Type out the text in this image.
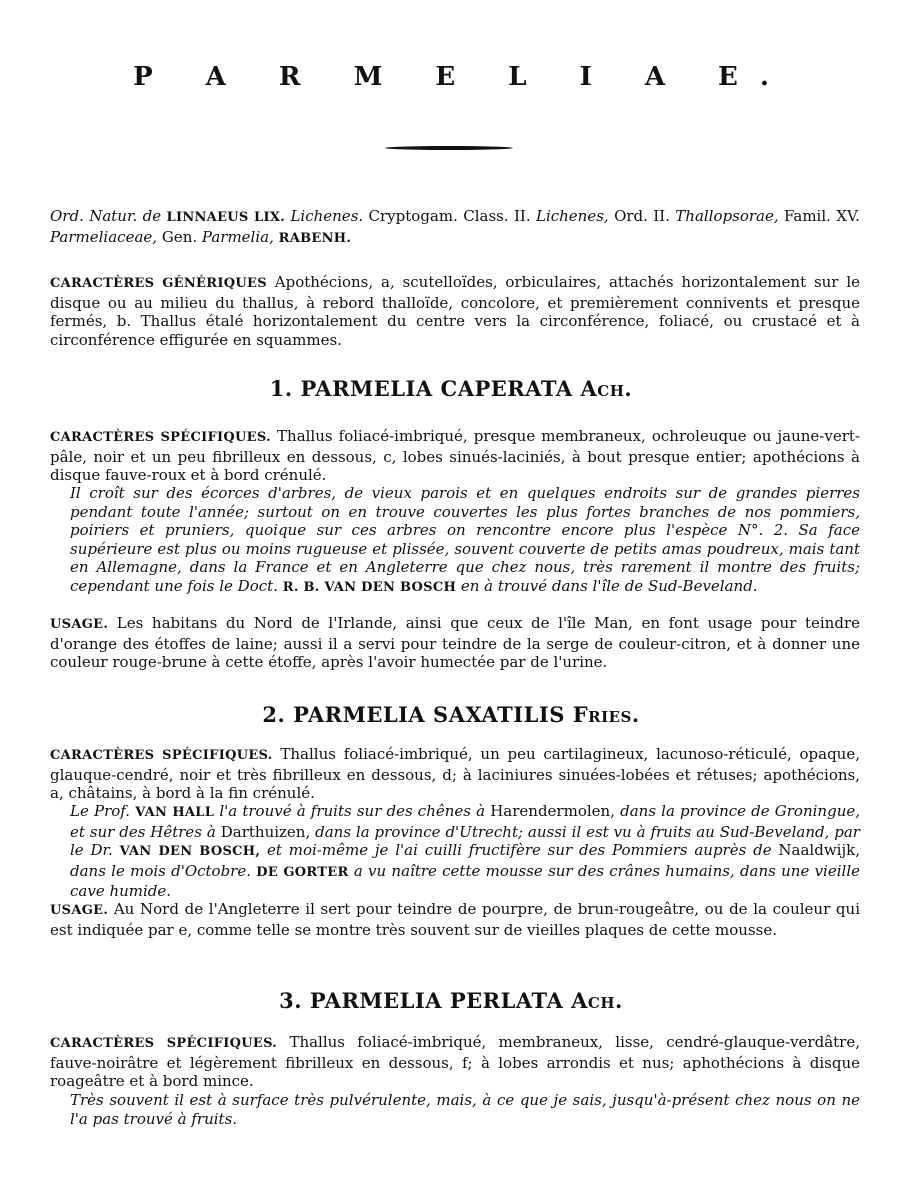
P A R M E L I A E.
Ord. Natur. de LINNAEUS LIX. Lichenes. Cryptogam. Class. II. Lichenes, Ord. II. Thallopsorae, Famil. XV. Parmeliaceae, Gen. Parmelia, RABENH.
CARACTÈRES GÉNÉRIQUES Apothécions, a, scutelloïdes, orbiculaires, attachés horizontalement sur le disque ou au milieu du thallus, à rebord thalloïde, concolore, et premièrement connivents et presque fermés, b. Thallus étalé horizontalement du centre vers la circonférence, foliacé, ou crustacé et à circonférence effigurée en squammes.
1. PARMELIA CAPERATA Ach.
CARACTÈRES SPÉCIFIQUES. Thallus foliacé-imbriqué, presque membraneux, ochroleuque ou jaune-vert-pâle, noir et un peu fibrilleux en dessous, c, lobes sinués-laciniés, à bout presque entier; apothécions à disque fauve-roux et à bord crénulé.
Il croît sur des écorces d'arbres, de vieux parois et en quelques endroits sur de grandes pierres pendant toute l'année; surtout on en trouve couvertes les plus fortes branches de nos pommiers, poiriers et pruniers, quoique sur ces arbres on rencontre encore plus l'espèce N°. 2. Sa face supérieure est plus ou moins rugueuse et plissée, souvent couverte de petits amas poudreux, mais tant en Allemagne, dans la France et en Angleterre que chez nous, très rarement il montre des fruits; cependant une fois le Doct. R. B. VAN DEN BOSCH en à trouvé dans l'île de Sud-Beveland.
USAGE. Les habitans du Nord de l'Irlande, ainsi que ceux de l'île Man, en font usage pour teindre d'orange des étoffes de laine; aussi il a servi pour teindre de la serge de couleur-citron, et à donner une couleur rouge-brune à cette étoffe, après l'avoir humectée par de l'urine.
2. PARMELIA SAXATILIS Fries.
CARACTÈRES SPÉCIFIQUES. Thallus foliacé-imbriqué, un peu cartilagineux, lacunoso-réticulé, opaque, glauque-cendré, noir et très fibrilleux en dessous, d; à laciniures sinuées-lobées et rétuses; apothécions, a, châtains, à bord à la fin crénulé.
Le Prof. VAN HALL l'a trouvé à fruits sur des chênes à Harendermolen, dans la province de Groningue, et sur des Hêtres à Darthuizen, dans la province d'Utrecht; aussi il est vu à fruits au Sud-Beveland, par le Dr. VAN DEN BOSCH, et moi-même je l'ai cuilli fructifère sur des Pommiers auprès de Naaldwijk, dans le mois d'Octobre. DE GORTER a vu naître cette mousse sur des crânes humains, dans une vieille cave humide.
USAGE. Au Nord de l'Angleterre il sert pour teindre de pourpre, de brun-rougeâtre, ou de la couleur qui est indiquée par e, comme telle se montre très souvent sur de vieilles plaques de cette mousse.
3. PARMELIA PERLATA Ach.
CARACTÈRES SPÉCIFIQUES. Thallus foliacé-imbriqué, membraneux, lisse, cendré-glauque-verdâtre, fauve-noirâtre et légèrement fibrilleux en dessous, f; à lobes arrondis et nus; aphothécions à disque roageâtre et à bord mince.
Très souvent il est à surface très pulvérulente, mais, à ce que je sais, jusqu'à-présent chez nous on ne l'a pas trouvé à fruits.
